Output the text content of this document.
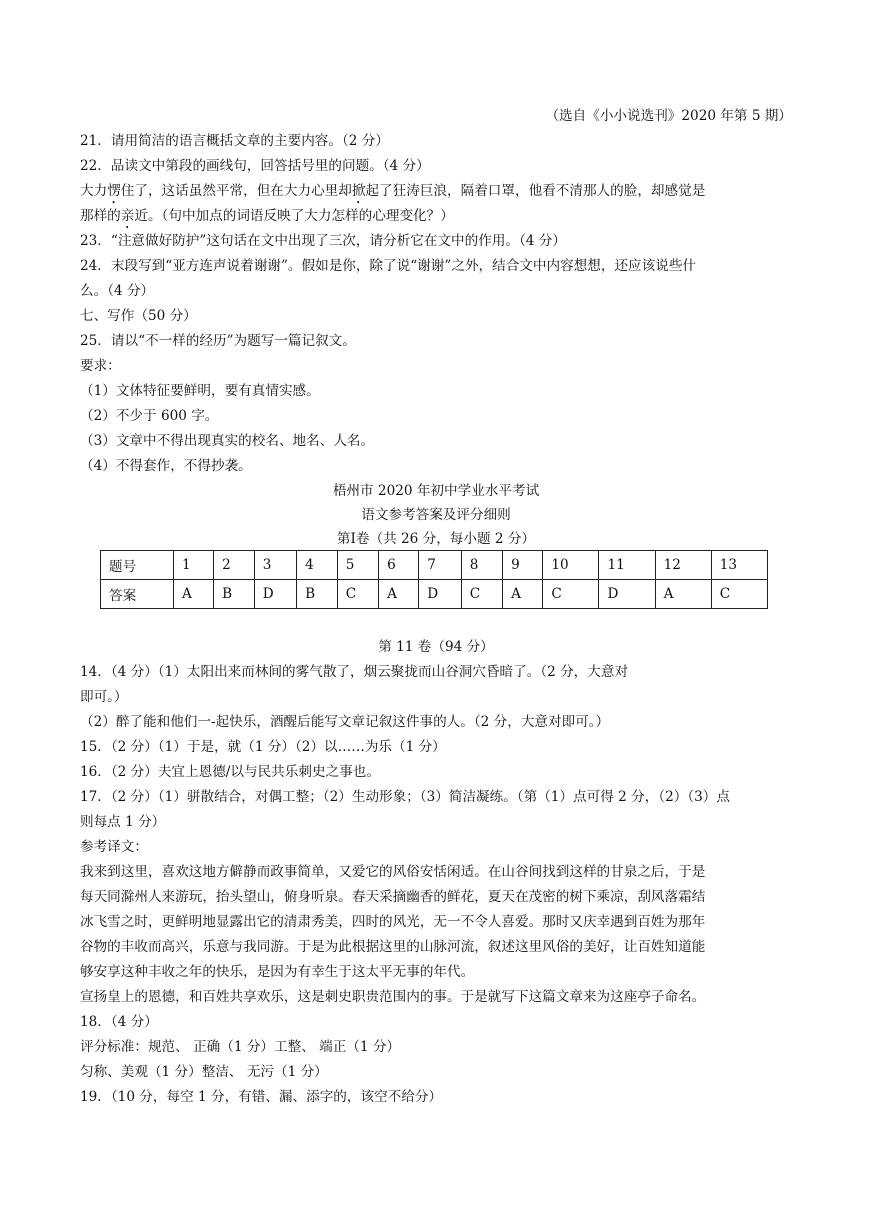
（选自《小小说选刊》2020 年第 5 期）
21．请用简洁的语言概括文章的主要内容。（2 分）
22．品读文中第段的画线句，回答括号里的问题。（4 分）
大力愣住了，这话虽然平常，但在大力心里却掀起了狂涛巨浪，隔着口罩，他看不清那人的脸，却感觉是
那样的亲近。（句中加点的词语反映了大力怎样的心理变化？）
23．“注意做好防护”这句话在文中出现了三次，请分析它在文中的作用。（4 分）
24．末段写到“亚方连声说着谢谢”。假如是你，除了说“谢谢”之外，结合文中内容想想，还应该说些什
么。（4 分）
七、写作（50 分）
25．请以“不一样的经历”为题写一篇记叙文。
要求：
（1）文体特征要鲜明，要有真情实感。
（2）不少于 600 字。
（3）文章中不得出现真实的校名、地名、人名。
（4）不得套作，不得抄袭。
梧州市 2020 年初中学业水平考试
语文参考答案及评分细则
第Ⅰ卷（共 26 分，每小题 2 分）
题号	1	2	3	4	5	6	7	8	9	10	11	12	13
答案	A	B	D	B	C	A	D	C	A	C	D	A	C
第 11 卷（94 分）
14．（4 分）（1）太阳出来而林间的雾气散了，烟云聚拢而山谷洞穴昏暗了。（2 分，大意对
即可。）
（2）醉了能和他们一-起快乐，酒醒后能写文章记叙这件事的人。（2 分，大意对即可。）
15．（2 分）（1）于是，就（1 分）（2）以……为乐（1 分）
16．（2 分）夫宜上恩德/以与民共乐刺史之事也。
17．（2 分）（1）骈散结合，对偶工整；（2）生动形象；（3）简洁凝练。（第（1）点可得 2 分，（2）（3）点
则每点 1 分）
参考译文：
我来到这里，喜欢这地方僻静而政事简单，又爱它的风俗安恬闲适。在山谷间找到这样的甘泉之后，于是
每天同滁州人来游玩，抬头望山，俯身听泉。春天采摘幽香的鲜花，夏天在茂密的树下乘凉，刮风落霜结
冰飞雪之时，更鲜明地显露出它的清肃秀美，四时的风光，无一不令人喜爱。那时又庆幸遇到百姓为那年
谷物的丰收而高兴，乐意与我同游。于是为此根据这里的山脉河流，叙述这里风俗的美好，让百姓知道能
够安享这种丰收之年的快乐，是因为有幸生于这太平无事的年代。
宣扬皇上的恩德，和百姓共享欢乐，这是刺史职贵范围内的事。于是就写下这篇文章来为这座亭子命名。
18．（4 分）
评分标准：规范、 正确（1 分）工整、 端正（1 分）
匀称、美观（1 分）整洁、 无污（1 分）
19．（10 分，每空 1 分，有错、漏、添字的，该空不给分）
